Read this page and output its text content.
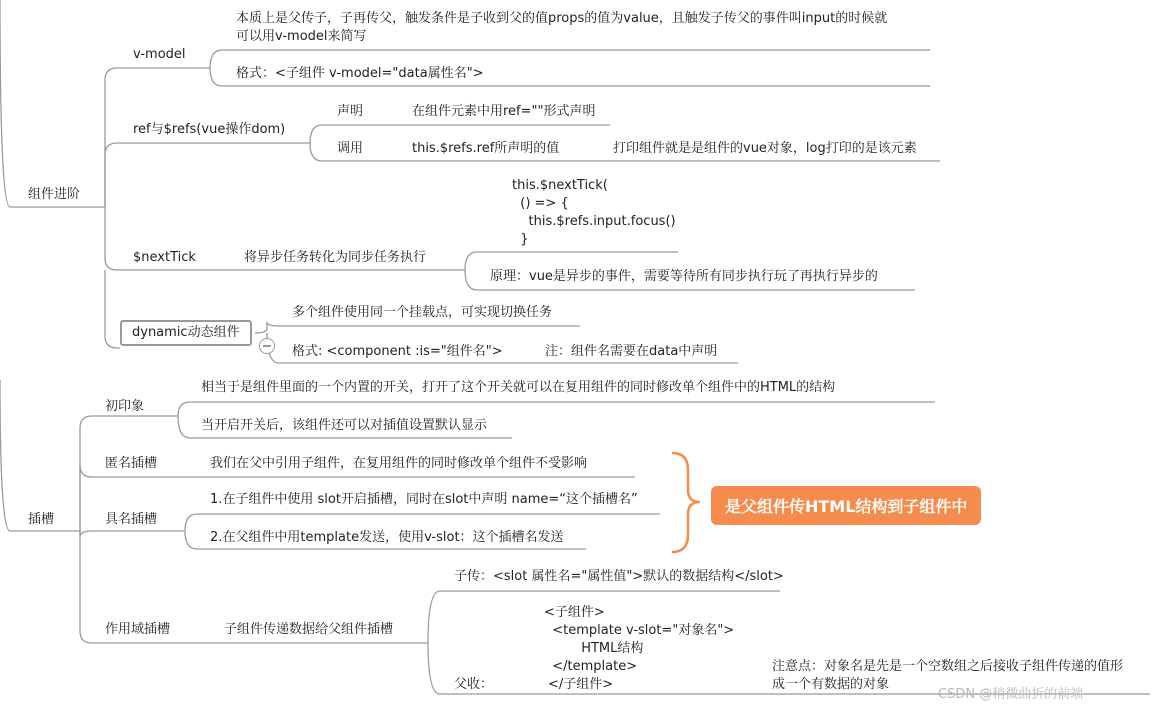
组件进阶
插槽
v-model
本质上是父传子，子再传父，触发条件是子收到父的值props的值为value，且触发子传父的事件叫input的时候就
可以用v-model来简写
格式：<子组件 v-model="data属性名">
ref与$refs(vue操作dom)
声明	在组件元素中用ref=""形式声明
调用	this.$refs.ref所声明的值	打印组件就是是组件的vue对象，log打印的是该元素
$nextTick	将异步任务转化为同步任务执行
this.$nextTick(
() => {
this.$refs.input.focus()
}
原理：vue是异步的事件，需要等待所有同步执行玩了再执行异步的
dynamic动态组件
多个组件使用同一个挂载点，可实现切换任务
格式: <component :is="组件名">	注：组件名需要在data中声明
初印象
相当于是组件里面的一个内置的开关，打开了这个开关就可以在复用组件的同时修改单个组件中的HTML的结构
当开启开关后，该组件还可以对插值设置默认显示
匿名插槽	我们在父中引用子组件，在复用组件的同时修改单个组件不受影响
具名插槽
1.在子组件中使用 slot开启插槽，同时在slot中声明 name=“这个插槽名”
2.在父组件中用template发送，使用v-slot：这个插槽名发送
是父组件传HTML结构到子组件中
作用域插槽	子组件传递数据给父组件插槽
子传：<slot 属性名="属性值">默认的数据结构</slot>
<子组件>
<template v-slot="对象名">
HTML结构
</template>
父收：	</子组件>
注意点：对象名是先是一个空数组之后接收子组件传递的值形
成一个有数据的对象
CSDN @稍微曲折的前端
